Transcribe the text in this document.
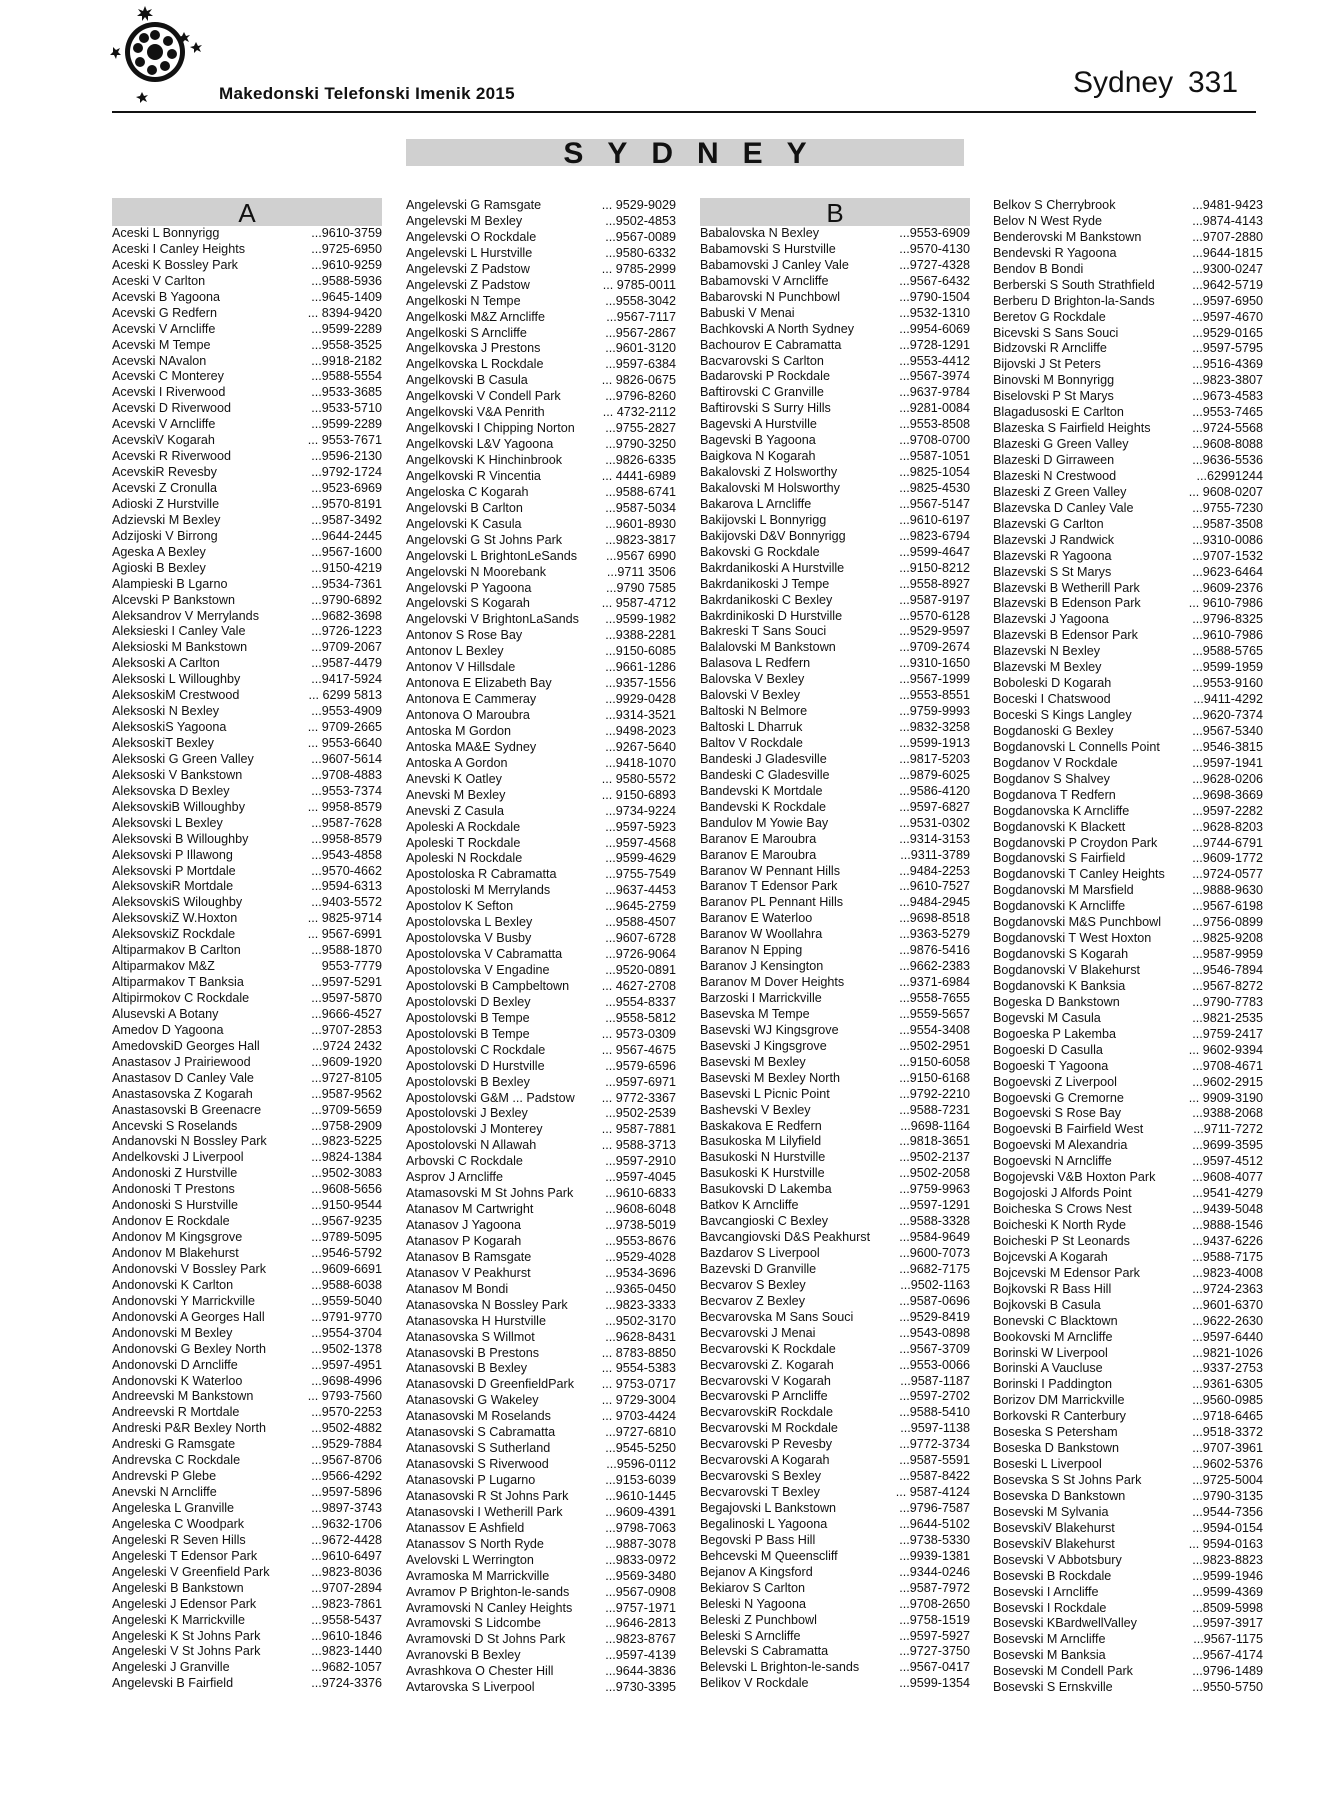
Makedonski Telefonski Imenik 2015	Sydney 331
SYDNEY
A
Aceski L Bonnyrigg	...9610-3759
Aceski I Canley Heights	...9725-6950
Aceski K Bossley Park	...9610-9259
Aceski V Carlton	...9588-5936
Acevski B Yagoona	...9645-1409
Acevski G Redfern	... 8394-9420
Acevski V Arncliffe	...9599-2289
Acevski M Tempe	...9558-3525
Acevski NAvalon	...9918-2182
Acevski C Monterey	...9588-5554
Acevski I Riverwood	...9533-3685
Acevski D Riverwood	...9533-5710
Acevski V Arncliffe	...9599-2289
AcevskiV Kogarah	... 9553-7671
Acevski R Riverwood	...9596-2130
AcevskiR Revesby	...9792-1724
Acevski Z Cronulla	...9523-6969
Adioski Z Hurstville	...9570-8191
Adzievski M Bexley	...9587-3492
Adzijoski V Birrong	...9644-2445
Ageska A Bexley	...9567-1600
Agioski B Bexley	...9150-4219
Alampieski B Lgarno	...9534-7361
Alcevski P Bankstown	...9790-6892
Aleksandrov V Merrylands	...9682-3698
Aleksieski I Canley Vale	...9726-1223
Aleksioski M Bankstown	...9709-2067
Aleksoski A Carlton	...9587-4479
Aleksoski L Willoughby	...9417-5924
AleksoskiM Crestwood	... 6299 5813
Aleksoski N Bexley	...9553-4909
AleksoskiS Yagoona	... 9709-2665
AleksoskiT Bexley	... 9553-6640
Aleksoski G Green Valley	...9607-5614
Aleksoski V Bankstown	...9708-4883
Aleksovska D Bexley	...9553-7374
AleksovskiB Willoughby	... 9958-8579
Aleksovski L Bexley	...9587-7628
Aleksovski B Willoughby	...9958-8579
Aleksovski P Illawong	...9543-4858
Aleksovski P Mortdale	...9570-4662
AleksovskiR Mortdale	...9594-6313
AleksovskiS Wiloughby	...9403-5572
AleksovskiZ W.Hoxton	... 9825-9714
AleksovskiZ Rockdale	... 9567-6991
Altiparmakov B Carlton	...9588-1870
Altiparmakov M&Z	9553-7779
Altiparmakov T Banksia	...9597-5291
Altipirmokov C Rockdale	...9597-5870
Alusevski A Botany	...9666-4527
Amedov D Yagoona	...9707-2853
AmedovskiD Georges Hall	...9724 2432
Anastasov J Prairiewood	...9609-1920
Anastasov D Canley Vale	...9727-8105
Anastasovska Z Kogarah	...9587-9562
Anastasovski B Greenacre	...9709-5659
Ancevski S Roselands	...9758-2909
Andanovski N Bossley Park	...9823-5225
Andelkovski J Liverpool	...9824-1384
Andonoski Z Hurstville	...9502-3083
Andonoski T Prestons	...9608-5656
Andonoski S Hurstville	...9150-9544
Andonov E Rockdale	...9567-9235
Andonov M Kingsgrove	...9789-5095
Andonov M Blakehurst	...9546-5792
Andonovski V Bossley Park	...9609-6691
Andonovski K Carlton	...9588-6038
Andonovski Y Marrickville	...9559-5040
Andonovski A Georges Hall	...9791-9770
Andonovski M Bexley	...9554-3704
Andonovski G Bexley North	...9502-1378
Andonovski D Arncliffe	...9597-4951
Andonovski K Waterloo	...9698-4996
Andreevski M Bankstown	... 9793-7560
Andreevski R Mortdale	...9570-2253
Andreski P&R Bexley North	...9502-4882
Andreski G Ramsgate	...9529-7884
Andrevska C Rockdale	...9567-8706
Andrevski P Glebe	...9566-4292
Anevski N Arncliffe	...9597-5896
Angeleska L Granville	...9897-3743
Angeleska C Woodpark	...9632-1706
Angeleski R Seven Hills	...9672-4428
Angeleski T Edensor Park	...9610-6497
Angeleski V Greenfield Park	...9823-8036
Angeleski B Bankstown	...9707-2894
Angeleski J Edensor Park	...9823-7861
Angeleski K Marrickville	...9558-5437
Angeleski K St Johns Park	...9610-1846
Angeleski V St Johns Park	...9823-1440
Angeleski J Granville	...9682-1057
Angelevski B Fairfield	...9724-3376
Angelevski G Ramsgate	... 9529-9029
Angelevski M Bexley	...9502-4853
Angelevski O Rockdale	...9567-0089
Angelevski L Hurstville	...9580-6332
Angelevski Z Padstow	... 9785-2999
Angelevski Z Padstow	... 9785-0011
Angelkoski N Tempe	...9558-3042
Angelkoski M&Z Arncliffe	...9567-7117
Angelkoski S Arncliffe	...9567-2867
Angelkovska J Prestons	...9601-3120
Angelkovska L Rockdale	...9597-6384
Angelkovski B Casula	... 9826-0675
Angelkovski V Condell Park	...9796-8260
Angelkovski V&A Penrith	... 4732-2112
Angelkovski I Chipping Norton	...9755-2827
Angelkovski L&V Yagoona	...9790-3250
Angelkovski K Hinchinbrook	...9826-6335
Angelkovski R Vincentia	... 4441-6989
Angeloska C Kogarah	...9588-6741
Angelovski B Carlton	...9587-5034
Angelovski K Casula	...9601-8930
Angelovski G St Johns Park	...9823-3817
Angelovski L BrightonLeSands	...9567 6990
Angelovski N Moorebank	...9711 3506
Angelovski P Yagoona	...9790 7585
Angelovski S Kogarah	... 9587-4712
Angelovski V BrightonLaSands	...9599-1982
Antonov S Rose Bay	...9388-2281
Antonov L Bexley	...9150-6085
Antonov V Hillsdale	...9661-1286
Antonova E Elizabeth Bay	...9357-1556
Antonova E Cammeray	...9929-0428
Antonova O Maroubra	...9314-3521
Antoska M Gordon	...9498-2023
Antoska MA&E Sydney	...9267-5640
Antoska A Gordon	...9418-1070
Anevski K Oatley	... 9580-5572
Anevski M Bexley	... 9150-6893
Anevski Z Casula	...9734-9224
Apoleski A Rockdale	...9597-5923
Apoleski T Rockdale	...9597-4568
Apoleski N Rockdale	...9599-4629
Apostoloska R Cabramatta	...9755-7549
Apostoloski M Merrylands	...9637-4453
Apostolov K Sefton	...9645-2759
Apostolovska L Bexley	...9588-4507
Apostolovska V Busby	...9607-6728
Apostolovska V Cabramatta	...9726-9064
Apostolovska V Engadine	...9520-0891
Apostolovski B Campbeltown	... 4627-2708
Apostolovski D Bexley	...9554-8337
Apostolovski B Tempe	...9558-5812
Apostolovski B Tempe	... 9573-0309
Apostolovski C Rockdale	... 9567-4675
Apostolovski D Hurstville	...9579-6596
Apostolovski B Bexley	...9597-6971
Apostolovski G&M ... Padstow	... 9772-3367
Apostolovski J Bexley	...9502-2539
Apostolovski J Monterey	... 9587-7881
Apostolovski N Allawah	... 9588-3713
Arbovski C Rockdale	...9597-2910
Asprov J Arncliffe	...9597-4045
Atamasovski M St Johns Park	...9610-6833
Atanasov M Cartwright	...9608-6048
Atanasov J Yagoona	...9738-5019
Atanasov P Kogarah	...9553-8676
Atanasov B Ramsgate	...9529-4028
Atanasov V Peakhurst	...9534-3696
Atanasov M Bondi	...9365-0450
Atanasovska N Bossley Park	...9823-3333
Atanasovska H Hurstville	...9502-3170
Atanasovska S Willmot	...9628-8431
Atanasovski B Prestons	... 8783-8850
Atanasovski B Bexley	... 9554-5383
Atanasovski D GreenfieldPark	... 9753-0717
Atanasovski G Wakeley	... 9729-3004
Atanasovski M Roselands	... 9703-4424
Atanasovski S Cabramatta	...9727-6810
Atanasovski S Sutherland	...9545-5250
Atanasovski S Riverwood	...9596-0112
Atanasovski P Lugarno	...9153-6039
Atanasovski R St Johns Park	...9610-1445
Atanasovski I Wetherill Park	...9609-4391
Atanassov E Ashfield	...9798-7063
Atanassov S North Ryde	...9887-3078
Avelovski L Werrington	...9833-0972
Avramoska M Marrickville	...9569-3480
Avramov P Brighton-le-sands	...9567-0908
Avramovski N Canley Heights	...9757-1971
Avramovski S Lidcombe	...9646-2813
Avramovski D St Johns Park	...9823-8767
Avranovski B Bexley	...9597-4139
Avrashkova O Chester Hill	...9644-3836
Avtarovska S Liverpool	...9730-3395
B
Babalovska N Bexley	...9553-6909
Babamovski S Hurstville	...9570-4130
Babamovski J Canley Vale	...9727-4328
Babamovski V Arncliffe	...9567-6432
Babarovski N Punchbowl	...9790-1504
Babuski V Menai	...9532-1310
Bachkovski A North Sydney	...9954-6069
Bachourov E Cabramatta	...9728-1291
Bacvarovski S Carlton	...9553-4412
Badarovski P Rockdale	...9567-3974
Baftirovski C Granville	...9637-9784
Baftirovski S Surry Hills	...9281-0084
Bagevski A Hurstville	...9553-8508
Bagevski B Yagoona	...9708-0700
Baigkova N Kogarah	...9587-1051
Bakalovski Z Holsworthy	...9825-1054
Bakalovski M Holsworthy	...9825-4530
Bakarova L Arncliffe	...9567-5147
Bakijovski L Bonnyrigg	...9610-6197
Bakijovski D&V Bonnyrigg	...9823-6794
Bakovski G Rockdale	...9599-4647
Bakrdanikoski A Hurstville	...9150-8212
Bakrdanikoski J Tempe	...9558-8927
Bakrdanikoski C Bexley	...9587-9197
Bakrdinikoski D Hurstville	...9570-6128
Bakreski T Sans Souci	...9529-9597
Balalovski M Bankstown	...9709-2674
Balasova L Redfern	...9310-1650
Balovska V Bexley	...9567-1999
Balovski V Bexley	...9553-8551
Baltoski N Belmore	...9759-9993
Baltoski L Dharruk	...9832-3258
Baltov V Rockdale	...9599-1913
Bandeski J Gladesville	...9817-5203
Bandeski C Gladesville	...9879-6025
Bandevski K Mortdale	...9586-4120
Bandevski K Rockdale	...9597-6827
Bandulov M Yowie Bay	...9531-0302
Baranov E Maroubra	...9314-3153
Baranov E Maroubra	...9311-3789
Baranov W Pennant Hills	...9484-2253
Baranov T Edensor Park	...9610-7527
Baranov PL Pennant Hills	...9484-2945
Baranov E Waterloo	...9698-8518
Baranov W Woollahra	...9363-5279
Baranov N Epping	...9876-5416
Baranov J Kensington	...9662-2383
Baranov M Dover Heights	...9371-6984
Barzoski I Marrickville	...9558-7655
Basevska M Tempe	...9559-5657
Basevski WJ Kingsgrove	...9554-3408
Basevski J Kingsgrove	...9502-2951
Basevski M Bexley	...9150-6058
Basevski M Bexley North	...9150-6168
Basevski L Picnic Point	...9792-2210
Bashevski V Bexley	...9588-7231
Baskakova E Redfern	...9698-1164
Basukoska M Lilyfield	...9818-3651
Basukoski N Hurstville	...9502-2137
Basukoski K Hurstville	...9502-2058
Basukovski D Lakemba	...9759-9963
Batkov K Arncliffe	...9597-1291
Bavcangioski C Bexley	...9588-3328
Bavcangiovski D&S Peakhurst	...9584-9649
Bazdarov S Liverpool	...9600-7073
Bazevski D Granville	...9682-7175
Becvarov S Bexley	...9502-1163
Becvarov Z Bexley	...9587-0696
Becvarovska M Sans Souci	...9529-8419
Becvarovski J Menai	...9543-0898
Becvarovski K Rockdale	...9567-3709
Becvarovski Z. Kogarah	...9553-0066
Becvarovski V Kogarah	...9587-1187
Becvarovski P Arncliffe	...9597-2702
BecvarovskiR Rockdale	...9588-5410
Becvarovski M Rockdale	...9597-1138
Becvarovski P Revesby	...9772-3734
Becvarovski A Kogarah	...9587-5591
Becvarovski S Bexley	...9587-8422
Becvarovski T Bexley	... 9587-4124
Begajovski L Bankstown	...9796-7587
Begalinoski L Yagoona	...9644-5102
Begovski P Bass Hill	...9738-5330
Behcevski M Queenscliff	...9939-1381
Bejanov A Kingsford	...9344-0246
Bekiarov S Carlton	...9587-7972
Beleski N Yagoona	...9708-2650
Beleski Z Punchbowl	...9758-1519
Beleski S Arncliffe	...9597-5927
Belevski S Cabramatta	...9727-3750
Belevski L Brighton-le-sands	...9567-0417
Belikov V Rockdale	...9599-1354
Belkov S Cherrybrook	...9481-9423
Belov N West Ryde	...9874-4143
Benderovski M Bankstown	...9707-2880
Bendevski R Yagoona	...9644-1815
Bendov B Bondi	...9300-0247
Berberski S South Strathfield	...9642-5719
Berberu D Brighton-la-Sands	...9597-6950
Beretov G Rockdale	...9597-4670
Bicevski S Sans Souci	...9529-0165
Bidzovski R Arncliffe	...9597-5795
Bijovski J St Peters	...9516-4369
Binovski M Bonnyrigg	...9823-3807
Biselovski P St Marys	...9673-4583
Blagadusoski E Carlton	...9553-7465
Blazeska S Fairfield Heights	...9724-5568
Blazeski G Green Valley	...9608-8088
Blazeski D Girraween	...9636-5536
Blazeski N Crestwood	...62991244
Blazeski Z Green Valley	... 9608-0207
Blazevska D Canley Vale	...9755-7230
Blazevski G Carlton	...9587-3508
Blazevski J Randwick	...9310-0086
Blazevski R Yagoona	...9707-1532
Blazevski S St Marys	...9623-6464
Blazevski B Wetherill Park	...9609-2376
Blazevski B Edenson Park	... 9610-7986
Blazevski J Yagoona	...9796-8325
Blazevski B Edensor Park	...9610-7986
Blazevski N Bexley	...9588-5765
Blazevski M Bexley	...9599-1959
Boboleski D Kogarah	...9553-9160
Boceski I Chatswood	...9411-4292
Boceski S Kings Langley	...9620-7374
Bogdanoski G Bexley	...9567-5340
Bogdanovski L Connells Point	...9546-3815
Bogdanov V Rockdale	...9597-1941
Bogdanov S Shalvey	...9628-0206
Bogdanova T Redfern	...9698-3669
Bogdanovska K Arncliffe	...9597-2282
Bogdanovski K Blackett	...9628-8203
Bogdanovski P Croydon Park	...9744-6791
Bogdanovski S Fairfield	...9609-1772
Bogdanovski T Canley Heights	...9724-0577
Bogdanovski M Marsfield	...9888-9630
Bogdanovski K Arncliffe	...9567-6198
Bogdanovski M&S Punchbowl	...9756-0899
Bogdanovski T West Hoxton	...9825-9208
Bogdanovski S Kogarah	...9587-9959
Bogdanovski V Blakehurst	...9546-7894
Bogdanovski K Banksia	...9567-8272
Bogeska D Bankstown	...9790-7783
Bogevski M Casula	...9821-2535
Bogoeska P Lakemba	...9759-2417
Bogoeski D Casulla	... 9602-9394
Bogoeski T Yagoona	...9708-4671
Bogoevski Z Liverpool	...9602-2915
Bogoevski G Cremorne	... 9909-3190
Bogoevski S Rose Bay	...9388-2068
Bogoevski B Fairfield West	...9711-7272
Bogoevski M Alexandria	...9699-3595
Bogoevski N Arncliffe	...9597-4512
Bogojevski V&B Hoxton Park	...9608-4077
Bogojoski J Alfords Point	...9541-4279
Boicheska S Crows Nest	...9439-5048
Boicheski K North Ryde	...9888-1546
Boicheski P St Leonards	...9437-6226
Bojcevski A Kogarah	...9588-7175
Bojcevski M Edensor Park	...9823-4008
Bojkovski R Bass Hill	...9724-2363
Bojkovski B Casula	...9601-6370
Bonevski C Blacktown	...9622-2630
Bookovski M Arncliffe	...9597-6440
Borinski W Liverpool	...9821-1026
Borinski A Vaucluse	...9337-2753
Borinski I Paddington	...9361-6305
Borizov DM Marrickville	...9560-0985
Borkovski R Canterbury	...9718-6465
Boseska S Petersham	...9518-3372
Boseska D Bankstown	...9707-3961
Boseski L Liverpool	...9602-5376
Bosevska S St Johns Park	...9725-5004
Bosevska D Bankstown	...9790-3135
Bosevski M Sylvania	...9544-7356
BosevskiV Blakehurst	...9594-0154
BosevskiV Blakehurst	... 9594-0163
Bosevski V Abbotsbury	...9823-8823
Bosevski B Rockdale	...9599-1946
Bosevski I Arncliffe	...9599-4369
Bosevski I Rockdale	...8509-5998
Bosevski KBardwellValley	...9597-3917
Bosevski M Arncliffe	...9567-1175
Bosevski M Banksia	...9567-4174
Bosevski M Condell Park	...9796-1489
Bosevski S Ernskville	...9550-5750
